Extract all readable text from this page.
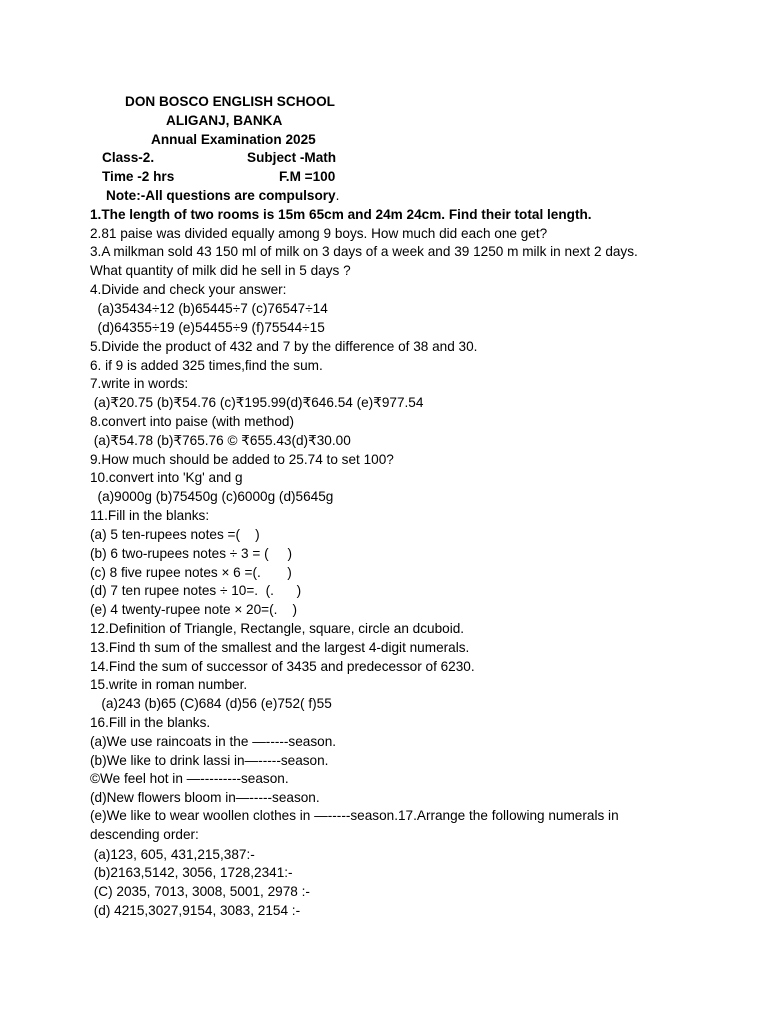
DON BOSCO ENGLISH SCHOOL
ALIGANJ, BANKA
Annual Examination 2025
Class-2.	Subject -Math
Time -2 hrs	F.M =100
Note:-All questions are compulsory.
1.The length of two rooms is 15m 65cm and 24m 24cm. Find their total length.
2.81 paise was divided equally among 9 boys. How much did each one get?
3.A milkman sold 43 150 ml of milk on 3 days of a week and 39 1250 m milk in next 2 days. What quantity of milk did he sell in 5 days ?
4.Divide and check your answer:
(a)35434÷12 (b)65445÷7 (c)76547÷14
(d)64355÷19 (e)54455÷9 (f)75544÷15
5.Divide the product of 432 and 7 by the difference of 38 and 30.
6. if 9 is added 325 times,find the sum.
7.write in words:
(a)₹20.75 (b)₹54.76 (c)₹195.99(d)₹646.54 (e)₹977.54
8.convert into paise (with method)
(a)₹54.78 (b)₹765.76 © ₹655.43(d)₹30.00
9.How much should be added to 25.74 to set 100?
10.convert into 'Kg' and g
(a)9000g (b)75450g (c)6000g (d)5645g
11.Fill in the blanks:
(a) 5 ten-rupees notes =(    )
(b) 6 two-rupees notes ÷ 3 = (     )
(c) 8 five rupee notes × 6 =(.       )
(d) 7 ten rupee notes ÷ 10=.  (.      )
(e) 4 twenty-rupee note × 20=(.    )
12.Definition of Triangle, Rectangle, square, circle an dcuboid.
13.Find th sum of the smallest and the largest 4-digit numerals.
14.Find the sum of successor of 3435 and predecessor of 6230.
15.write in roman number.
(a)243 (b)65 (C)684 (d)56 (e)752( f)55
16.Fill in the blanks.
(a)We use raincoats in the —-----season.
(b)We like to drink lassi in—-----season.
©We feel hot in —---------season.
(d)New flowers bloom in—-----season.
(e)We like to wear woollen clothes in —-----season.17.Arrange the following numerals in descending order:
(a)123, 605, 431,215,387:-
(b)2163,5142, 3056, 1728,2341:-
(C) 2035, 7013, 3008, 5001, 2978 :-
(d) 4215,3027,9154, 3083, 2154 :-
